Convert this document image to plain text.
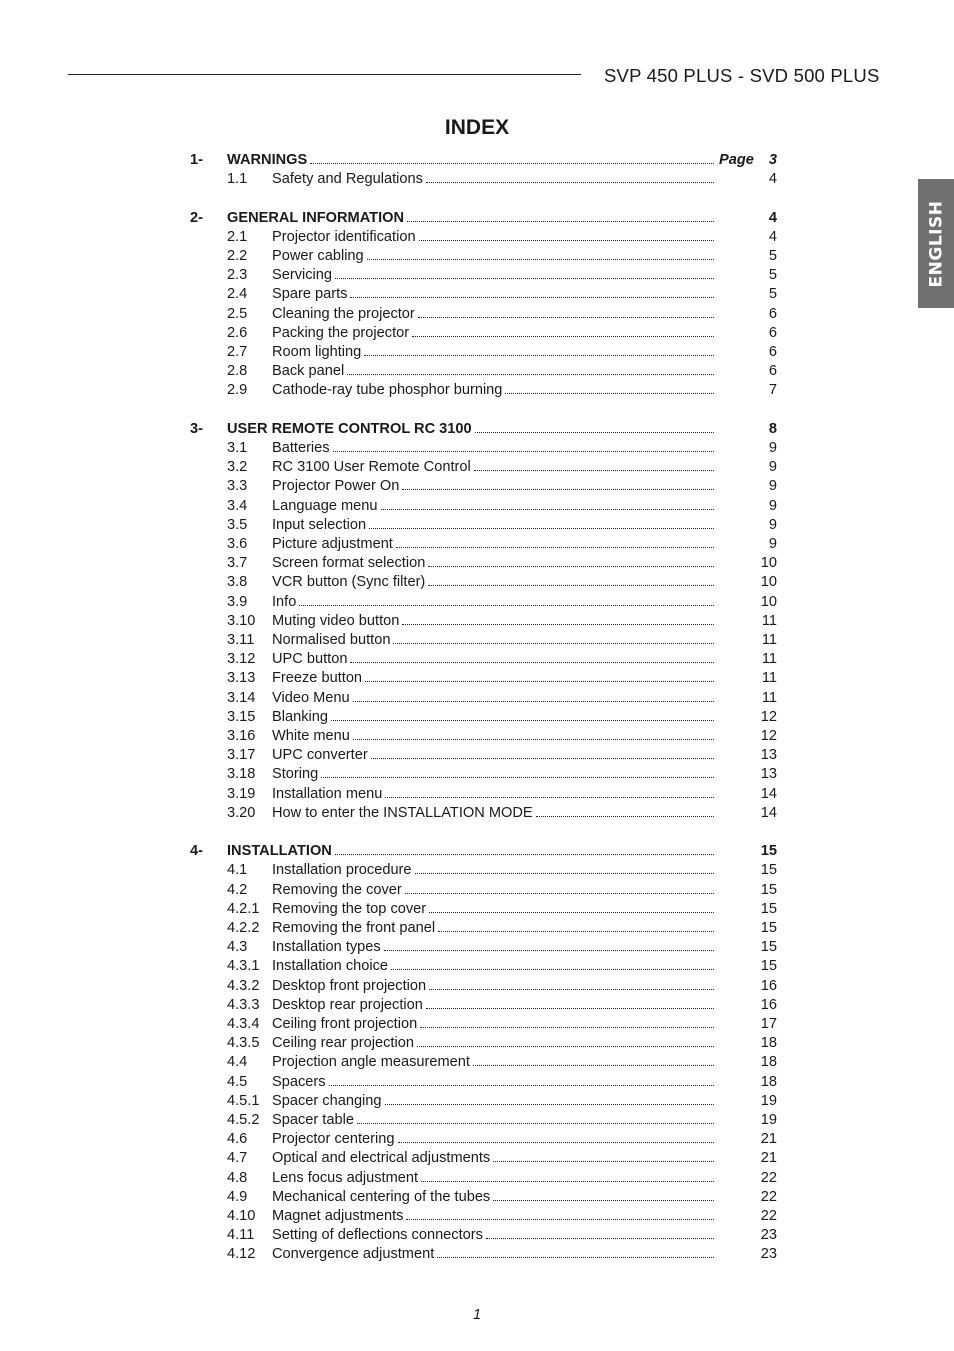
SVP 450 PLUS - SVD 500 PLUS
INDEX
ENGLISH
1- WARNINGS	Page 3
1.1 Safety and Regulations	4
2- GENERAL INFORMATION	4
2.1 Projector identification	4
2.2 Power cabling	5
2.3 Servicing	5
2.4 Spare parts	5
2.5 Cleaning the projector	6
2.6 Packing the projector	6
2.7 Room lighting	6
2.8 Back panel	6
2.9 Cathode-ray tube phosphor burning	7
3- USER REMOTE CONTROL RC 3100	8
3.1 Batteries	9
3.2 RC 3100 User Remote Control	9
3.3 Projector Power On	9
3.4 Language menu	9
3.5 Input selection	9
3.6 Picture adjustment	9
3.7 Screen format selection	10
3.8 VCR button (Sync filter)	10
3.9 Info	10
3.10 Muting video button	11
3.11 Normalised button	11
3.12 UPC button	11
3.13 Freeze button	11
3.14 Video Menu	11
3.15 Blanking	12
3.16 White menu	12
3.17 UPC converter	13
3.18 Storing	13
3.19 Installation menu	14
3.20 How to enter the INSTALLATION MODE	14
4- INSTALLATION	15
4.1 Installation procedure	15
4.2 Removing the cover	15
4.2.1 Removing the top cover	15
4.2.2 Removing the front panel	15
4.3 Installation types	15
4.3.1 Installation choice	15
4.3.2 Desktop front projection	16
4.3.3 Desktop rear projection	16
4.3.4 Ceiling front projection	17
4.3.5 Ceiling rear projection	18
4.4 Projection angle measurement	18
4.5 Spacers	18
4.5.1 Spacer changing	19
4.5.2 Spacer table	19
4.6 Projector centering	21
4.7 Optical and electrical adjustments	21
4.8 Lens focus adjustment	22
4.9 Mechanical centering of the tubes	22
4.10 Magnet adjustments	22
4.11 Setting of deflections connectors	23
4.12 Convergence adjustment	23
1
